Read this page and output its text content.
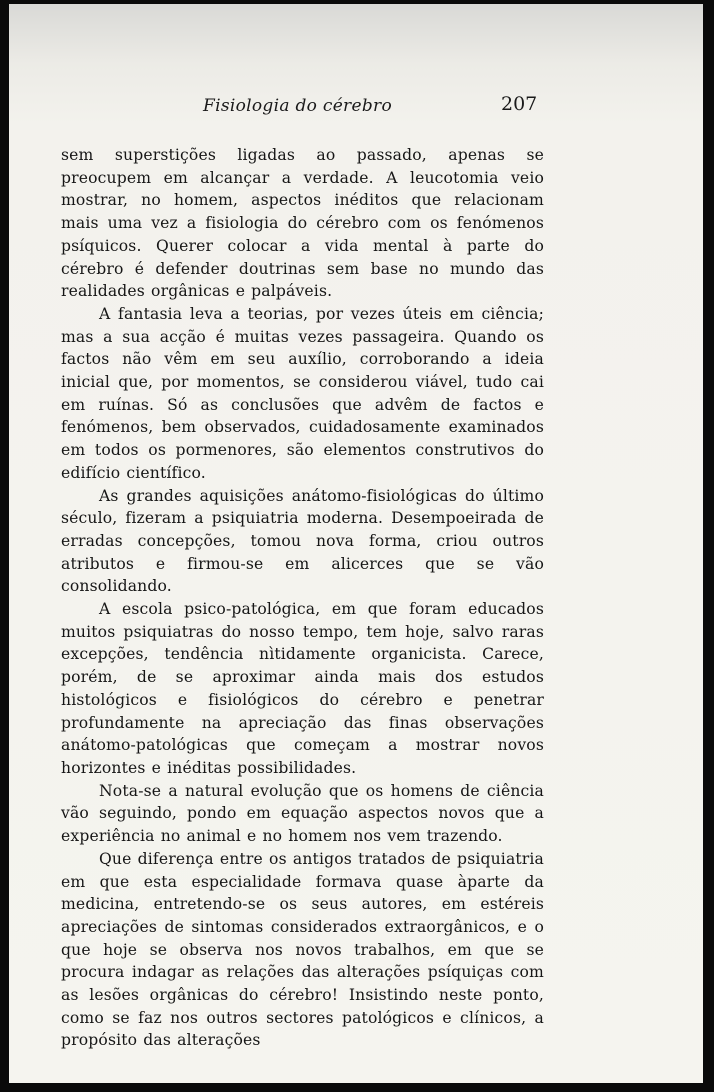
Fisiologia do cérebro	207

sem superstições ligadas ao passado, apenas se preocupem em alcançar a verdade. A leucotomia veio mostrar, no homem, aspectos inéditos que relacionam mais uma vez a fisiologia do cérebro com os fenómenos psíquicos. Querer colocar a vida mental à parte do cérebro é defender doutrinas sem base no mundo das realidades orgânicas e palpáveis.

A fantasia leva a teorias, por vezes úteis em ciência; mas a sua acção é muitas vezes passageira. Quando os factos não vêm em seu auxílio, corroborando a ideia inicial que, por momentos, se considerou viável, tudo cai em ruínas. Só as conclusões que advêm de factos e fenómenos, bem observados, cuidadosamente examinados em todos os pormenores, são elementos construtivos do edifício científico.

As grandes aquisições anátomo-fisiológicas do último século, fizeram a psiquiatria moderna. Desempoeirada de erradas concepções, tomou nova forma, criou outros atributos e firmou-se em alicerces que se vão consolidando.

A escola psico-patológica, em que foram educados muitos psiquiatras do nosso tempo, tem hoje, salvo raras excepções, tendência nìtidamente organicista. Carece, porém, de se aproximar ainda mais dos estudos histológicos e fisiológicos do cérebro e penetrar profundamente na apreciação das finas observações anátomo-patológicas que começam a mostrar novos horizontes e inéditas possibilidades.

Nota-se a natural evolução que os homens de ciência vão seguindo, pondo em equação aspectos novos que a experiência no animal e no homem nos vem trazendo.

Que diferença entre os antigos tratados de psiquiatria em que esta especialidade formava quase àparte da medicina, entretendo-se os seus autores, em estéreis apreciações de sintomas considerados extraorgânicos, e o que hoje se observa nos novos trabalhos, em que se procura indagar as relações das alterações psíquiças com as lesões orgânicas do cérebro! Insistindo neste ponto, como se faz nos outros sectores patológicos e clínicos, a propósito das alterações
